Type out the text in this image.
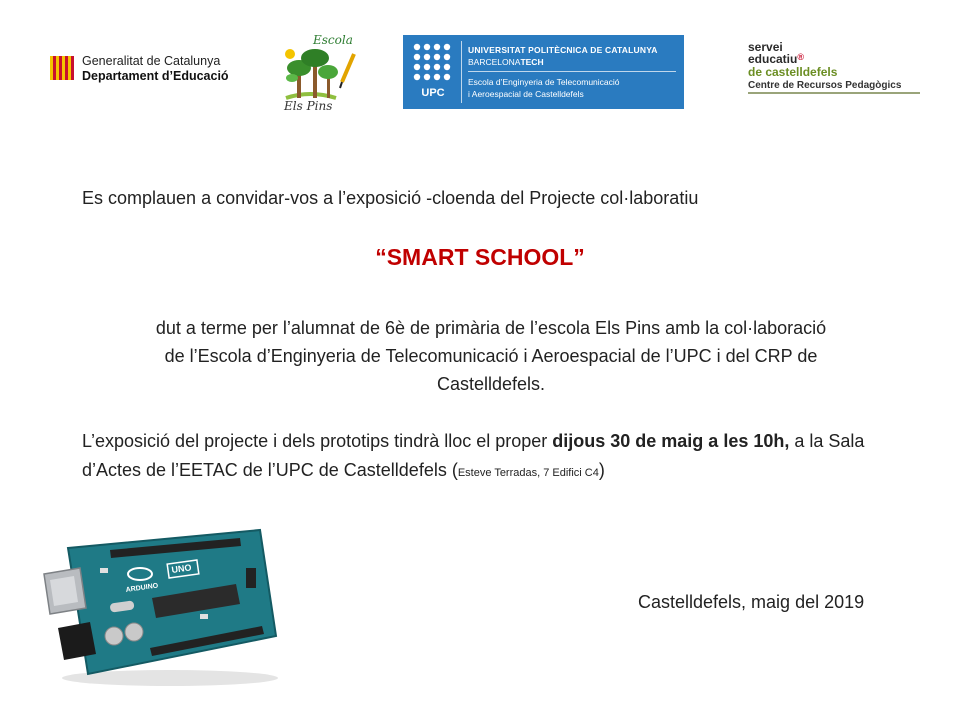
Generalitat de Catalunya
Departament d’Educació
Escola
Els Pins
UPC
UNIVERSITAT POLITÈCNICA DE CATALUNYA
BARCELONATECH
Escola d’Enginyeria de Telecomunicació
i Aeroespacial de Castelldefels
servei
educatiu®
de castelldefels
Centre de Recursos Pedagògics
Es complauen a convidar-vos a l’exposició -cloenda del Projecte col·laboratiu
“SMART SCHOOL”
dut a terme per l’alumnat de 6è de primària de l’escola Els Pins amb la col·laboració
de l’Escola d’Enginyeria de Telecomunicació i Aeroespacial de l’UPC i del CRP de
Castelldefels.
L’exposició del projecte i dels prototips tindrà lloc el proper dijous 30 de maig a les 10h, a la Sala d’Actes de l’EETAC de l’UPC de Castelldefels (Esteve Terradas, 7 Edifici C4)
Castelldefels, maig del 2019
ARDUINO
UNO
